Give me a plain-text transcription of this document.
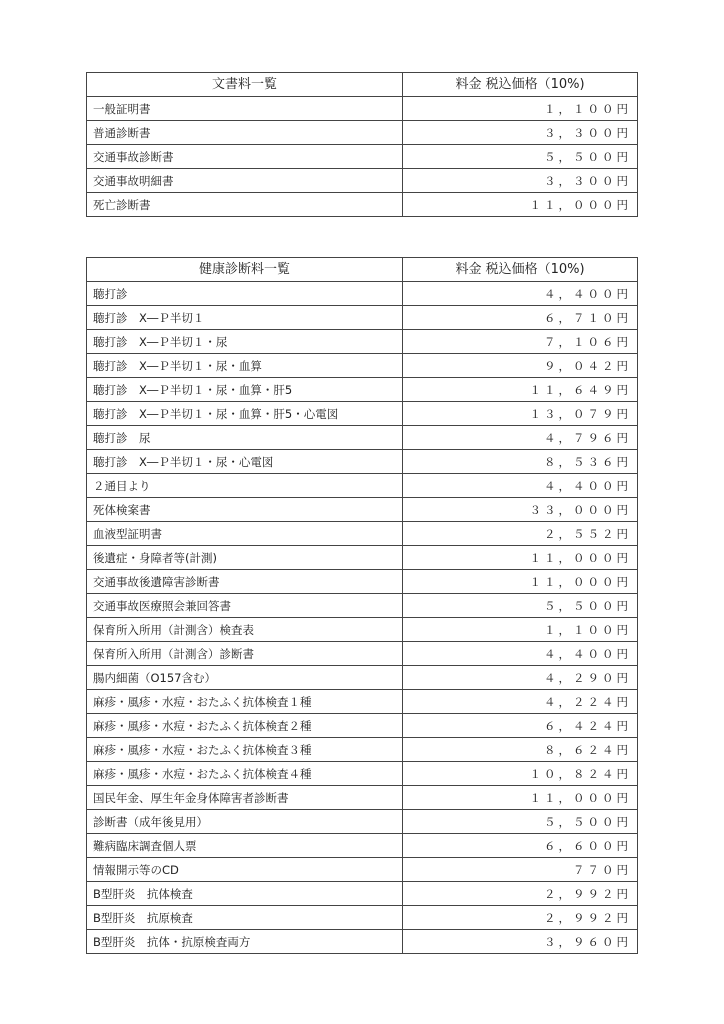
文書料一覧	料金 税込価格（10%)
一般証明書	１，１００円
普通診断書	３，３００円
交通事故診断書	５，５００円
交通事故明細書	３，３００円
死亡診断書	１１，０００円
健康診断料一覧	料金 税込価格（10%)
聴打診	４，４００円
聴打診　X―Ｐ半切１	６，７１０円
聴打診　X―Ｐ半切１・尿	７，１０６円
聴打診　X―Ｐ半切１・尿・血算	９，０４２円
聴打診　X―Ｐ半切１・尿・血算・肝5	１１，６４９円
聴打診　X―Ｐ半切１・尿・血算・肝5・心電図	１３，０７９円
聴打診　尿	４，７９６円
聴打診　X―Ｐ半切１・尿・心電図	８，５３６円
２通目より	４，４００円
死体検案書	３３，０００円
血液型証明書	２，５５２円
後遺症・身障者等(計測)	１１，０００円
交通事故後遺障害診断書	１１，０００円
交通事故医療照会兼回答書	５，５００円
保育所入所用（計測含）検査表	１，１００円
保育所入所用（計測含）診断書	４，４００円
腸内細菌（O157含む）	４，２９０円
麻疹・風疹・水痘・おたふく抗体検査１種	４，２２４円
麻疹・風疹・水痘・おたふく抗体検査２種	６，４２４円
麻疹・風疹・水痘・おたふく抗体検査３種	８，６２４円
麻疹・風疹・水痘・おたふく抗体検査４種	１０，８２４円
国民年金、厚生年金身体障害者診断書	１１，０００円
診断書（成年後見用）	５，５００円
難病臨床調査個人票	６，６００円
情報開示等のCD	７７０円
B型肝炎　抗体検査	２，９９２円
B型肝炎　抗原検査	２，９９２円
B型肝炎　抗体・抗原検査両方	３，９６０円
